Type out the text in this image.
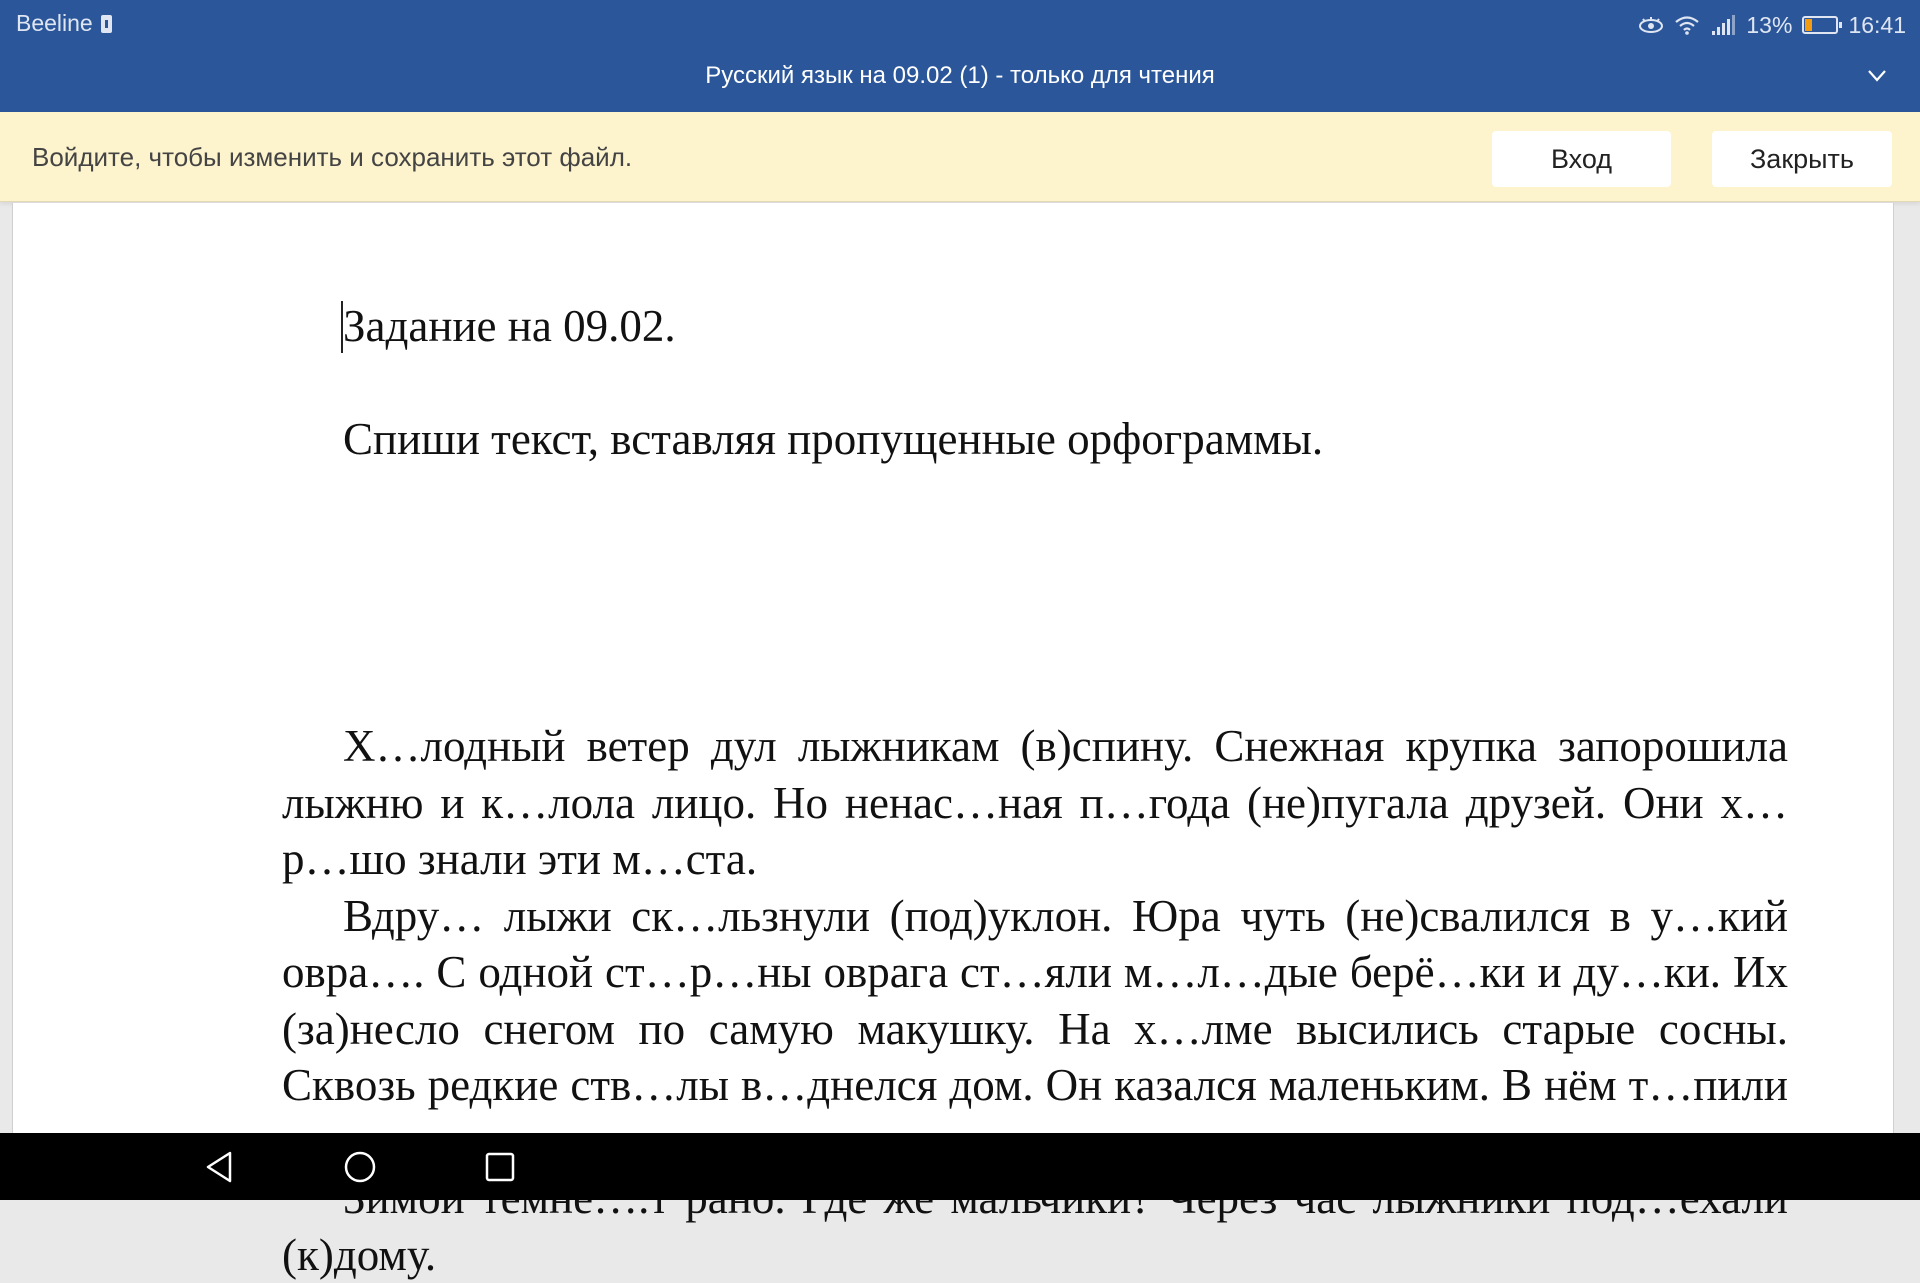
Beeline	13% 16:41
Русский язык на 09.02 (1) - только для чтения
Войдите, чтобы изменить и сохранить этот файл.	Вход	Закрыть

Задание на 09.02.

Спиши текст, вставляя пропущенные орфограммы.

Х…лодный ветер дул лыжникам (в)спину. Снежная крупка запорошила лыжню и к…лола лицо. Но ненас…ная п…года (не)пугала друзей. Они х…р…шо знали эти м…ста.

Вдру… лыжи ск…льзнули (под)уклон. Юра чуть (не)свалился в у…кий овра…. С одной ст…р…ны оврага ст…яли м…л…дые берё…ки и ду…ки. Их (за)несло снегом по самую макушку. На х…лме высились старые сосны. Сквозь редкие ств…лы в…днелся дом. Он казался маленьким. В нём т…пили

(к)дому.
